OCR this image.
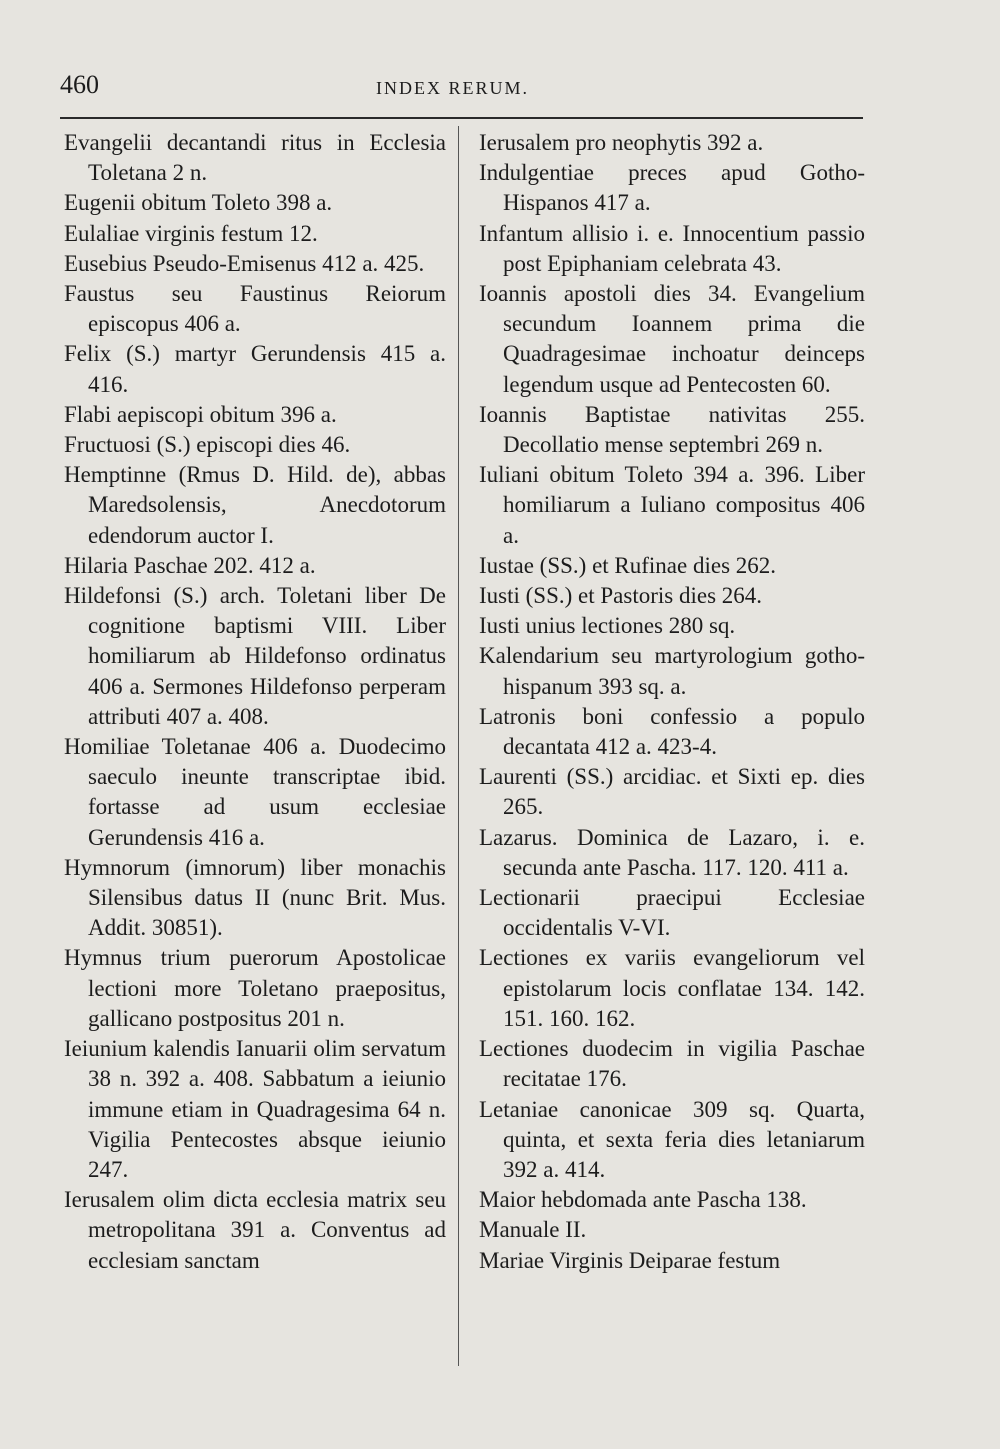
460	INDEX RERUM.
Evangelii decantandi ritus in Ecclesia Toletana 2 n.
Eugenii obitum Toleto 398 a.
Eulaliae virginis festum 12.
Eusebius Pseudo-Emisenus 412 a. 425.
Faustus seu Faustinus Reiorum episcopus 406 a.
Felix (S.) martyr Gerundensis 415 a. 416.
Flabi aepiscopi obitum 396 a.
Fructuosi (S.) episcopi dies 46.
Hemptinne (Rmus D. Hild. de), abbas Maredsolensis, Anecdotorum edendorum auctor I.
Hilaria Paschae 202. 412 a.
Hildefonsi (S.) arch. Toletani liber De cognitione baptismi VIII. Liber homiliarum ab Hildefonso ordinatus 406 a. Sermones Hildefonso perperam attributi 407 a. 408.
Homiliae Toletanae 406 a. Duodecimo saeculo ineunte transcriptae ibid. fortasse ad usum ecclesiae Gerundensis 416 a.
Hymnorum (imnorum) liber monachis Silensibus datus II (nunc Brit. Mus. Addit. 30851).
Hymnus trium puerorum Apostolicae lectioni more Toletano praepositus, gallicano postpositus 201 n.
Ieiunium kalendis Ianuarii olim servatum 38 n. 392 a. 408. Sabbatum a ieiunio immune etiam in Quadragesima 64 n. Vigilia Pentecostes absque ieiunio 247.
Ierusalem olim dicta ecclesia matrix seu metropolitana 391 a. Conventus ad ecclesiam sanctam
Ierusalem pro neophytis 392 a.
Indulgentiae preces apud Gotho-Hispanos 417 a.
Infantum allisio i. e. Innocentium passio post Epiphaniam celebrata 43.
Ioannis apostoli dies 34. Evangelium secundum Ioannem prima die Quadragesimae inchoatur deinceps legendum usque ad Pentecosten 60.
Ioannis Baptistae nativitas 255. Decollatio mense septembri 269 n.
Iuliani obitum Toleto 394 a. 396. Liber homiliarum a Iuliano compositus 406 a.
Iustae (SS.) et Rufinae dies 262.
Iusti (SS.) et Pastoris dies 264.
Iusti unius lectiones 280 sq.
Kalendarium seu martyrologium gotho-hispanum 393 sq. a.
Latronis boni confessio a populo decantata 412 a. 423-4.
Laurenti (SS.) arcidiac. et Sixti ep. dies 265.
Lazarus. Dominica de Lazaro, i. e. secunda ante Pascha. 117. 120. 411 a.
Lectionarii praecipui Ecclesiae occidentalis V-VI.
Lectiones ex variis evangeliorum vel epistolarum locis conflatae 134. 142. 151. 160. 162.
Lectiones duodecim in vigilia Paschae recitatae 176.
Letaniae canonicae 309 sq. Quarta, quinta, et sexta feria dies letaniarum 392 a. 414.
Maior hebdomada ante Pascha 138.
Manuale II.
Mariae Virginis Deiparae festum
